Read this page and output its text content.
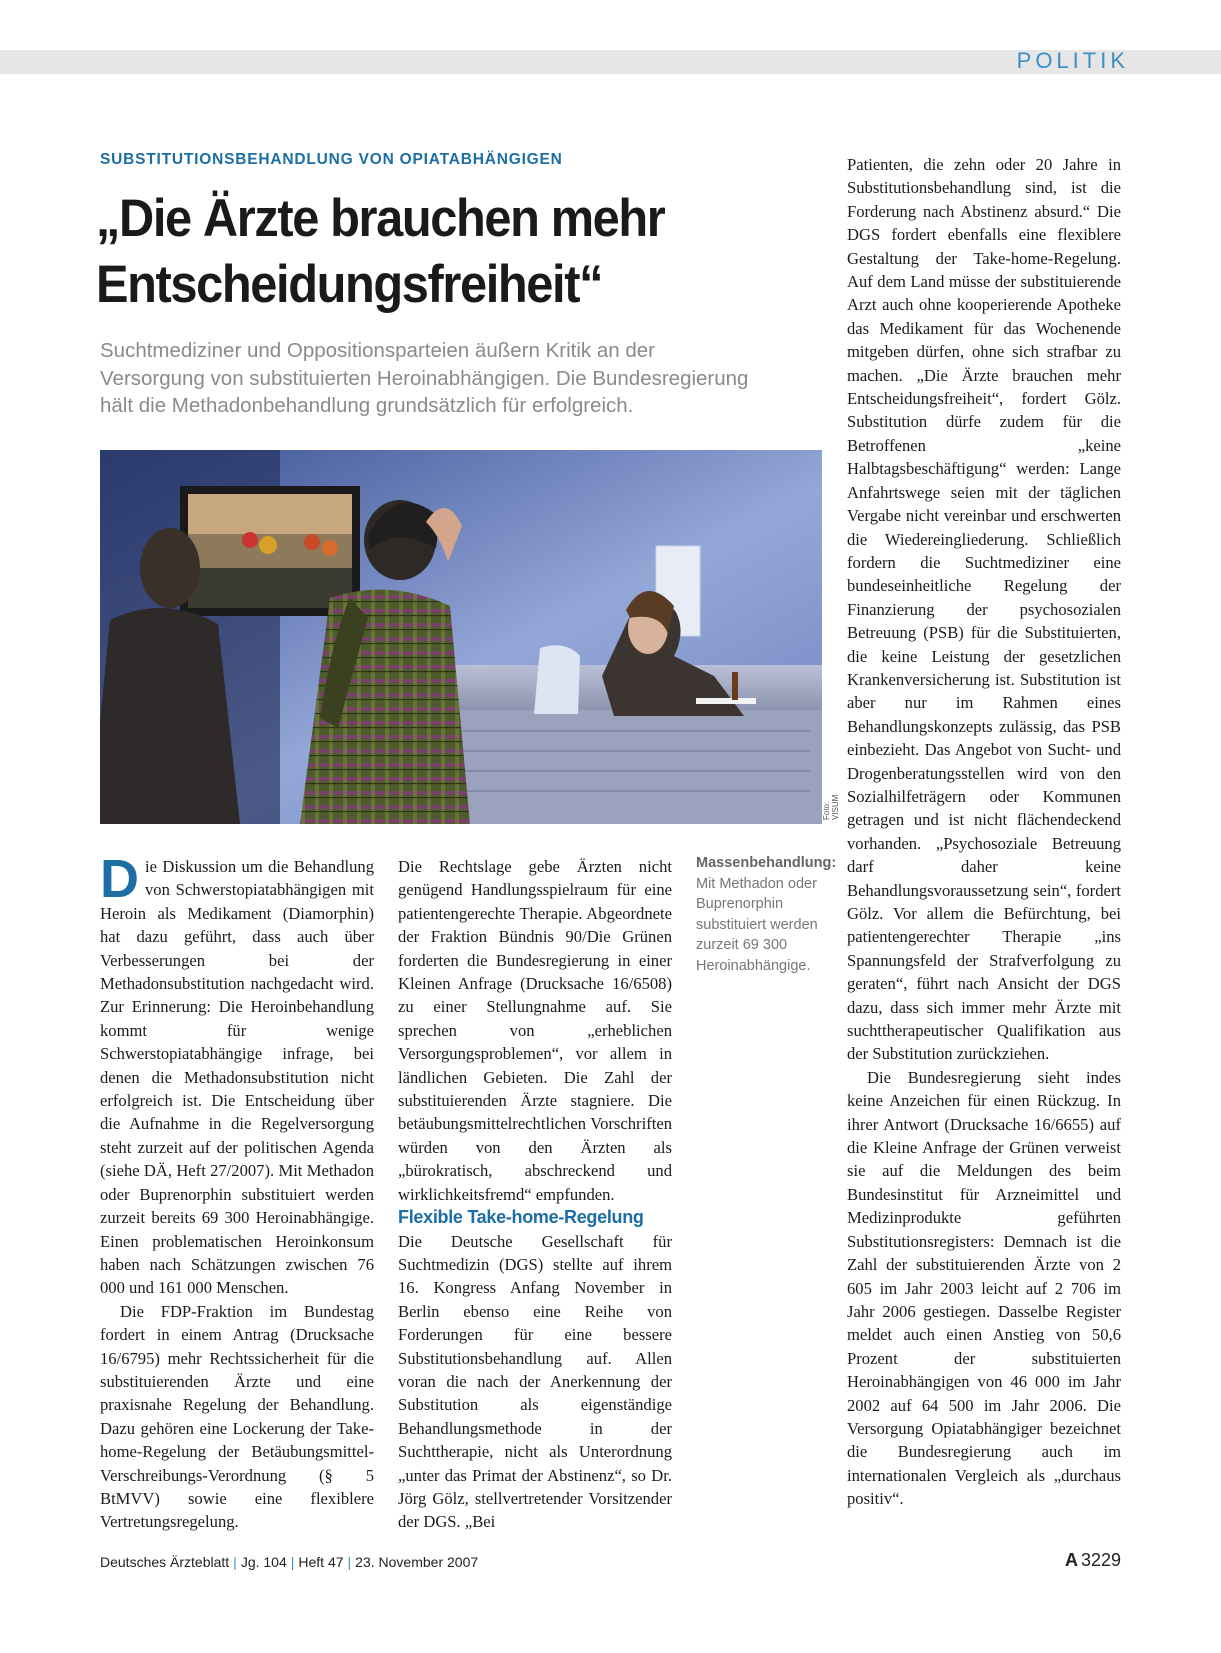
POLITIK
SUBSTITUTIONSBEHANDLUNG VON OPIATABHÄNGIGEN
„Die Ärzte brauchen mehr
Entscheidungsfreiheit“
Suchtmediziner und Oppositionsparteien äußern Kritik an der
Versorgung von substituierten Heroinabhängigen. Die Bundesregierung
hält die Methadonbehandlung grundsätzlich für erfolgreich.
Foto: VISUM

Die Diskussion um die Behandlung von Schwerstopiatabhängigen mit Heroin als Medikament (Diamorphin) hat dazu geführt, dass auch über Verbesserungen bei der Methadonsubstitution nachgedacht wird. Zur Erinnerung: Die Heroinbehandlung kommt für wenige Schwerstopiatabhängige infrage, bei denen die Methadonsubstitution nicht erfolgreich ist. Die Entscheidung über die Aufnahme in die Regelversorgung steht zurzeit auf der politischen Agenda (siehe DÄ, Heft 27/2007). Mit Methadon oder Buprenorphin substituiert werden zurzeit bereits 69 300 Heroinabhängige. Einen problematischen Heroinkonsum haben nach Schätzungen zwischen 76 000 und 161 000 Menschen.

Die FDP-Fraktion im Bundestag fordert in einem Antrag (Drucksache 16/6795) mehr Rechtssicherheit für die substituierenden Ärzte und eine praxisnahe Regelung der Behandlung. Dazu gehören eine Lockerung der Take-home-Regelung der Betäubungsmittel-Verschreibungs-Verordnung (§ 5 BtMVV) sowie eine flexiblere Vertretungsregelung.

Die Rechtslage gebe Ärzten nicht genügend Handlungsspielraum für eine patientengerechte Therapie. Abgeordnete der Fraktion Bündnis 90/Die Grünen forderten die Bundesregierung in einer Kleinen Anfrage (Drucksache 16/6508) zu einer Stellungnahme auf. Sie sprechen von „erheblichen Versorgungsproblemen“, vor allem in ländlichen Gebieten. Die Zahl der substituierenden Ärzte stagniere. Die betäubungsmittelrechtlichen Vorschriften würden von den Ärzten als „bürokratisch, abschreckend und wirklichkeitsfremd“ empfunden.

Flexible Take-home-Regelung

Die Deutsche Gesellschaft für Suchtmedizin (DGS) stellte auf ihrem 16. Kongress Anfang November in Berlin ebenso eine Reihe von Forderungen für eine bessere Substitutionsbehandlung auf. Allen voran die nach der Anerkennung der Substitution als eigenständige Behandlungsmethode in der Suchttherapie, nicht als Unterordnung „unter das Primat der Abstinenz“, so Dr. Jörg Gölz, stellvertretender Vorsitzender der DGS. „Bei

Massenbehandlung: Mit Methadon oder Buprenorphin substituiert werden zurzeit 69 300 Heroinabhängige.

Patienten, die zehn oder 20 Jahre in Substitutionsbehandlung sind, ist die Forderung nach Abstinenz absurd.“ Die DGS fordert ebenfalls eine flexiblere Gestaltung der Take-home-Regelung. Auf dem Land müsse der substituierende Arzt auch ohne kooperierende Apotheke das Medikament für das Wochenende mitgeben dürfen, ohne sich strafbar zu machen. „Die Ärzte brauchen mehr Entscheidungsfreiheit“, fordert Gölz. Substitution dürfe zudem für die Betroffenen „keine Halbtagsbeschäftigung“ werden: Lange Anfahrtswege seien mit der täglichen Vergabe nicht vereinbar und erschwerten die Wiedereingliederung. Schließlich fordern die Suchtmediziner eine bundeseinheitliche Regelung der Finanzierung der psychosozialen Betreuung (PSB) für die Substituierten, die keine Leistung der gesetzlichen Krankenversicherung ist. Substitution ist aber nur im Rahmen eines Behandlungskonzepts zulässig, das PSB einbezieht. Das Angebot von Sucht- und Drogenberatungsstellen wird von den Sozialhilfeträgern oder Kommunen getragen und ist nicht flächendeckend vorhanden. „Psychosoziale Betreuung darf daher keine Behandlungsvoraussetzung sein“, fordert Gölz. Vor allem die Befürchtung, bei patientengerechter Therapie „ins Spannungsfeld der Strafverfolgung zu geraten“, führt nach Ansicht der DGS dazu, dass sich immer mehr Ärzte mit suchttherapeutischer Qualifikation aus der Substitution zurückziehen.

Die Bundesregierung sieht indes keine Anzeichen für einen Rückzug. In ihrer Antwort (Drucksache 16/6655) auf die Kleine Anfrage der Grünen verweist sie auf die Meldungen des beim Bundesinstitut für Arzneimittel und Medizinprodukte geführten Substitutionsregisters: Demnach ist die Zahl der substituierenden Ärzte von 2 605 im Jahr 2003 leicht auf 2 706 im Jahr 2006 gestiegen. Dasselbe Register meldet auch einen Anstieg von 50,6 Prozent der substituierten Heroinabhängigen von 46 000 im Jahr 2002 auf 64 500 im Jahr 2006. Die Versorgung Opiatabhängiger bezeichnet die Bundesregierung auch im internationalen Vergleich als „durchaus positiv“.

Deutsches Ärzteblatt | Jg. 104 | Heft 47 | 23. November 2007	A 3229
